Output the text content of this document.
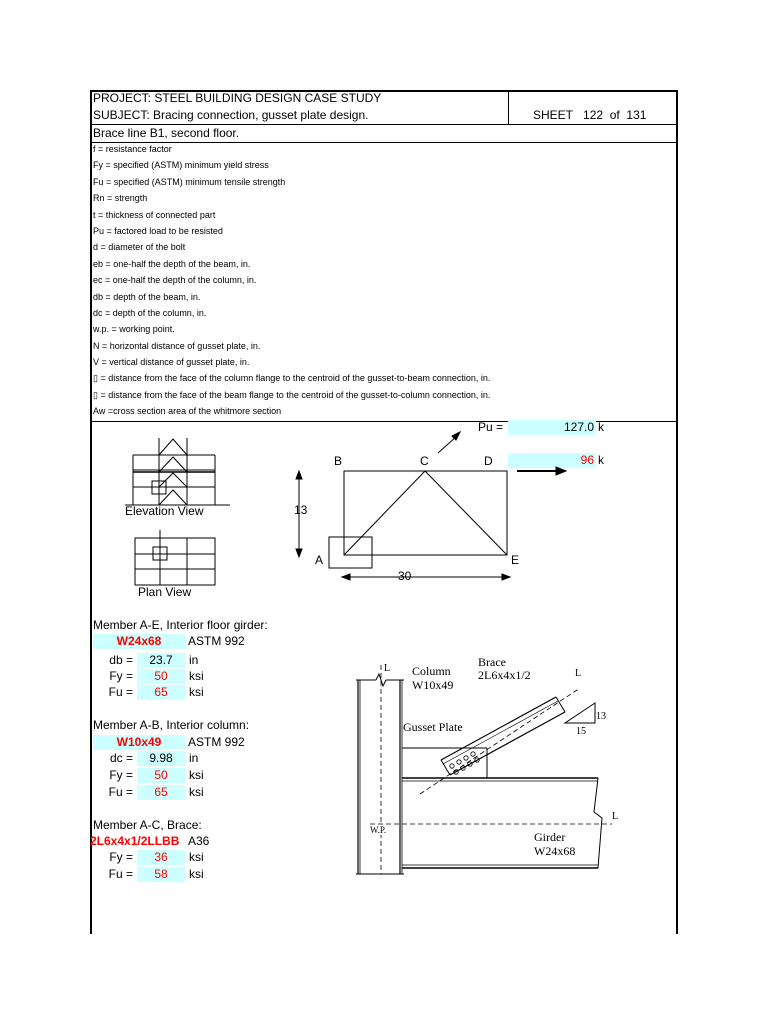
PROJECT: STEEL BUILDING DESIGN CASE STUDY
SUBJECT: Bracing connection, gusset plate design.	SHEET 122 of 131
Brace line B1, second floor.
f = resistance factor
Fy = specified (ASTM) minimum yield stress
Fu = specified (ASTM) minimum tensile strength
Rn = strength
t = thickness of connected part
Pu = factored load to be resisted
d = diameter of the bolt
eb = one-half the depth of the beam, in.
ec = one-half the depth of the column, in.
db = depth of the beam, in.
dc = depth of the column, in.
w.p. = working point.
N = horizontal distance of gusset plate, in.
V = vertical distance of gusset plate, in.
▯ = distance from the face of the column flange to the centroid of the gusset-to-beam connection, in.
▯ = distance from the face of the beam flange to the centroid of the gusset-to-column connection, in.
Aw =cross section area of the whitmore section
Pu =	127.0 k
96 k
Elevation View
Plan View
B	C	D
A	E
13
30
Column
W10x49
Brace
2L6x4x1/2
Gusset Plate
Girder
W24x68
W.P.
13
15
L	L
L
Member A-E, Interior floor girder:
W24x68	ASTM 992
db =	23.7	in
Fy =	50	ksi
Fu =	65	ksi
Member A-B, Interior column:
W10x49	ASTM 992
dc =	9.98	in
Fy =	50	ksi
Fu =	65	ksi
Member A-C, Brace:
2L6x4x1/2LLBB A36
Fy =	36	ksi
Fu =	58	ksi
